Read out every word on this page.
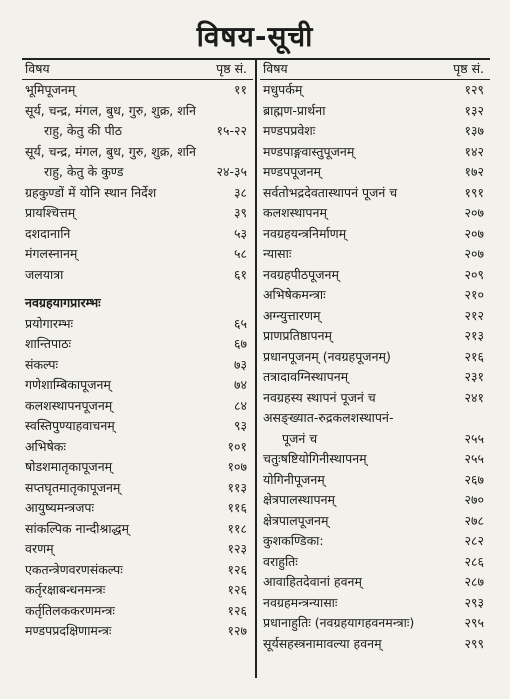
विषय-सूची
विषय	पृष्ठ सं.
भूमिपूजनम्	११
सूर्य, चन्द्र, मंगल, बुध, गुरु, शुक्र, शनि
राहु, केतु की पीठ	१५-२२
सूर्य, चन्द्र, मंगल, बुध, गुरु, शुक्र, शनि
राहु, केतु के कुण्ड	२४-३५
ग्रहकुण्डों में योनि स्थान निर्देश	३८
प्रायश्चित्तम्	३९
दशदानानि	५३
मंगलस्नानम्	५८
जलयात्रा	६१
नवग्रहयागप्रारम्भः
प्रयोगारम्भः	६५
शान्तिपाठः	६७
संकल्पः	७३
गणेशाम्बिकापूजनम्	७४
कलशस्थापनपूजनम्	८४
स्वस्तिपुण्याहवाचनम्	९३
अभिषेकः	१०१
षोडशमातृकापूजनम्	१०७
सप्तघृतमातृकापूजनम्	११३
आयुष्यमन्त्रजपः	११६
सांकल्पिक नान्दीश्राद्धम्	११८
वरणम्	१२३
एकतन्त्रेणवरणसंकल्पः	१२६
कर्तृरक्षाबन्धनमन्त्रः	१२६
कर्तृतिलककरणमन्त्रः	१२६
मण्डपप्रदक्षिणामन्त्रः	१२७
विषय	पृष्ठ सं.
मधुपर्कम्	१२९
ब्राह्मण-प्रार्थना	१३२
मण्डपप्रवेशः	१३७
मण्डपाङ्गवास्तुपूजनम्	१४२
मण्डपपूजनम्	१७२
सर्वतोभद्रदेवतास्थापनं पूजनं च	१९१
कलशस्थापनम्	२०७
नवग्रहयन्त्रनिर्माणम्	२०७
न्यासाः	२०७
नवग्रहपीठपूजनम्	२०९
अभिषेकमन्त्राः	२१०
अग्न्युत्तारणम्	२१२
प्राणप्रतिष्ठापनम्	२१३
प्रधानपूजनम् (नवग्रहपूजनम्)	२१६
तत्रादावग्निस्थापनम्	२३१
नवग्रहस्य स्थापनं पूजनं च	२४१
असङ्ख्यात-रुद्रकलशस्थापनं-
पूजनं च	२५५
चतुःषष्टियोगिनीस्थापनम्	२५५
योगिनीपूजनम्	२६७
क्षेत्रपालस्थापनम्	२७०
क्षेत्रपालपूजनम्	२७८
कुशकण्डिका:	२८२
वराहुतिः	२८६
आवाहितदेवानां हवनम्	२८७
नवग्रहमन्त्रन्यासाः	२९३
प्रधानाहुतिः (नवग्रहयागहवनमन्त्राः)	२९५
सूर्यसहस्त्रनामावल्या हवनम्	२९९
